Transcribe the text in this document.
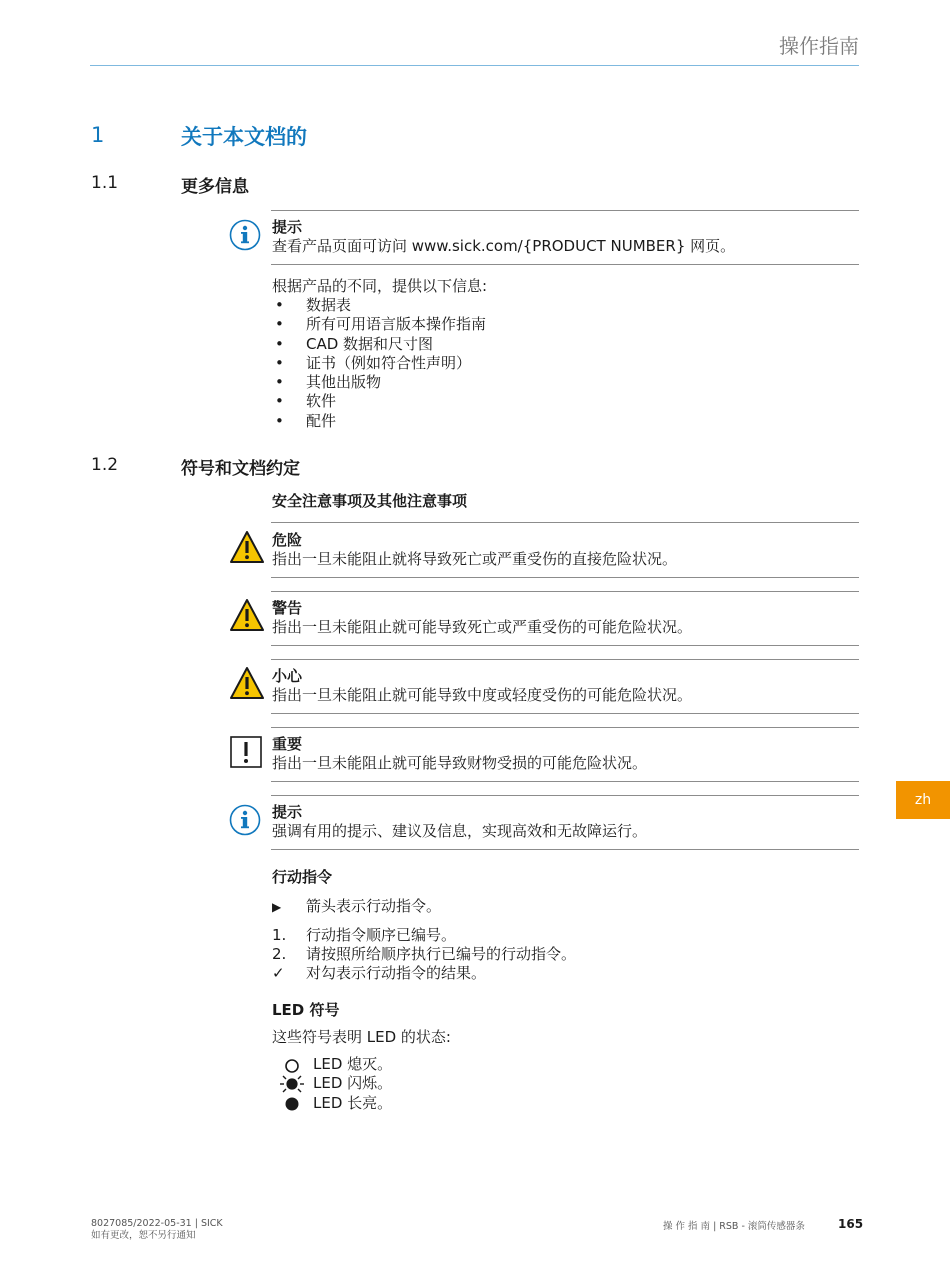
操作指南
1	关于本文档的
1.1	更多信息
提示
查看产品页面可访问 www.sick.com/{PRODUCT NUMBER} 网页。
根据产品的不同，提供以下信息:
• 数据表
• 所有可用语言版本操作指南
• CAD 数据和尺寸图
• 证书（例如符合性声明）
• 其他出版物
• 软件
• 配件
1.2	符号和文档约定
安全注意事项及其他注意事项
危险
指出一旦未能阻止就将导致死亡或严重受伤的直接危险状况。
警告
指出一旦未能阻止就可能导致死亡或严重受伤的可能危险状况。
小心
指出一旦未能阻止就可能导致中度或轻度受伤的可能危险状况。
重要
指出一旦未能阻止就可能导致财物受损的可能危险状况。
提示
强调有用的提示、建议及信息，实现高效和无故障运行。
行动指令
▶ 箭头表示行动指令。
1. 行动指令顺序已编号。
2. 请按照所给顺序执行已编号的行动指令。
✓ 对勾表示行动指令的结果。
LED 符号
这些符号表明 LED 的状态:
LED 熄灭。
LED 闪烁。
LED 长亮。
zh
8027085/2022-05-31 | SICK
如有更改，恕不另行通知
操 作 指 南 | RSB - 滚筒传感器条	165
